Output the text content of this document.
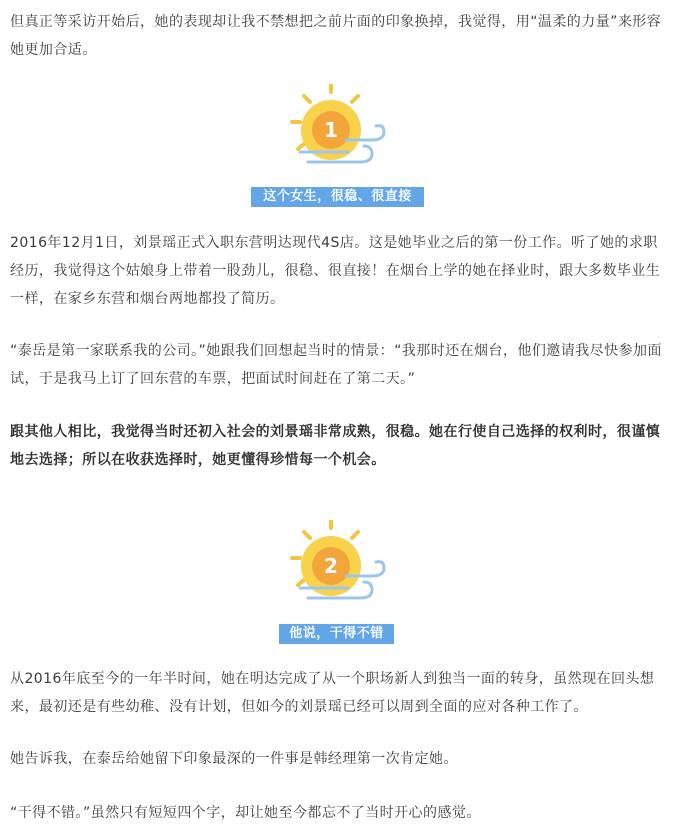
但真正等采访开始后，她的表现却让我不禁想把之前片面的印象换掉，我觉得，用“温柔的力量”来形容她更加合适。

1
这个女生，很稳、很直接

2016年12月1日，刘景瑶正式入职东营明达现代4S店。这是她毕业之后的第一份工作。听了她的求职经历，我觉得这个姑娘身上带着一股劲儿，很稳、很直接！在烟台上学的她在择业时，跟大多数毕业生一样，在家乡东营和烟台两地都投了简历。

“泰岳是第一家联系我的公司。”她跟我们回想起当时的情景：“我那时还在烟台，他们邀请我尽快参加面试，于是我马上订了回东营的车票，把面试时间赶在了第二天。”

跟其他人相比，我觉得当时还初入社会的刘景瑶非常成熟，很稳。她在行使自己选择的权利时，很谨慎地去选择；所以在收获选择时，她更懂得珍惜每一个机会。

2
他说，干得不错

从2016年底至今的一年半时间，她在明达完成了从一个职场新人到独当一面的转身，虽然现在回头想来，最初还是有些幼稚、没有计划，但如今的刘景瑶已经可以周到全面的应对各种工作了。

她告诉我，在泰岳给她留下印象最深的一件事是韩经理第一次肯定她。

“干得不错。”虽然只有短短四个字，却让她至今都忘不了当时开心的感觉。
